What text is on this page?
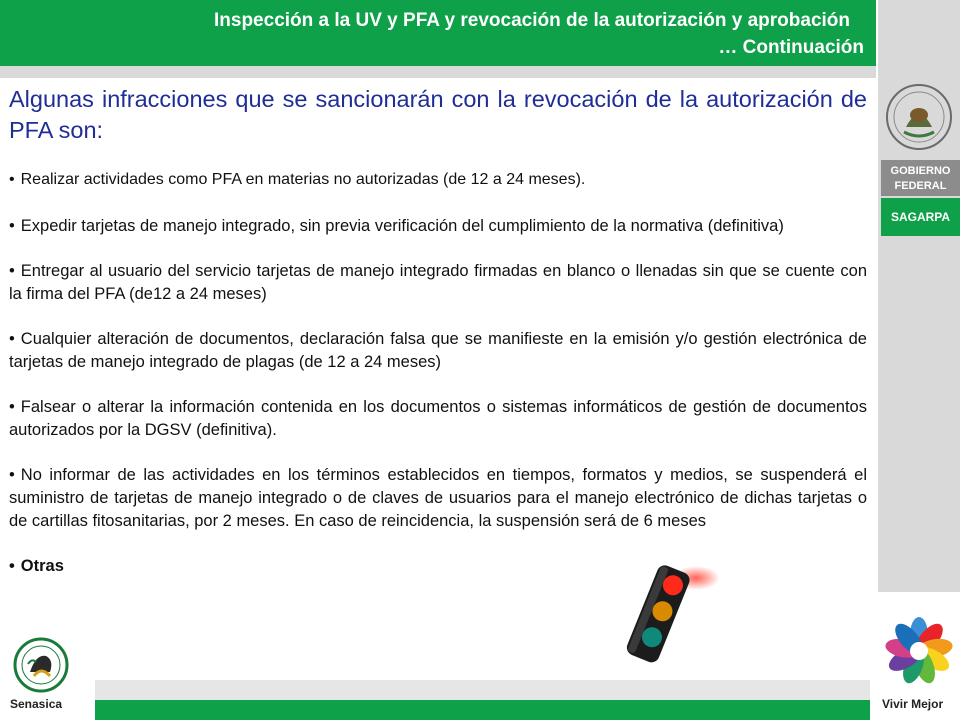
Inspección a la UV y PFA y revocación de la autorización y aprobación
… Continuación
GOBIERNO
FEDERAL
SAGARPA

Algunas infracciones que se sancionarán con la revocación de la autorización de PFA son:

• Realizar actividades como PFA en materias no autorizadas (de 12 a 24 meses).
• Expedir tarjetas de manejo integrado, sin previa verificación del cumplimiento de la normativa (definitiva)
• Entregar al usuario del servicio tarjetas de manejo integrado firmadas en blanco o llenadas sin que se cuente con la firma del PFA (de12 a 24 meses)
• Cualquier alteración de documentos, declaración falsa que se manifieste en la emisión y/o gestión electrónica de tarjetas de manejo integrado de plagas (de 12 a 24 meses)
• Falsear o alterar la información contenida en los documentos o sistemas informáticos de gestión de documentos autorizados por la DGSV (definitiva).
• No informar de las actividades en los términos establecidos en tiempos, formatos y medios, se suspenderá el suministro de tarjetas de manejo integrado o de claves de usuarios para el manejo electrónico de dichas tarjetas o de cartillas fitosanitarias, por 2 meses. En caso de reincidencia, la suspensión será de 6 meses
• Otras
Senasica	Vivir Mejor
